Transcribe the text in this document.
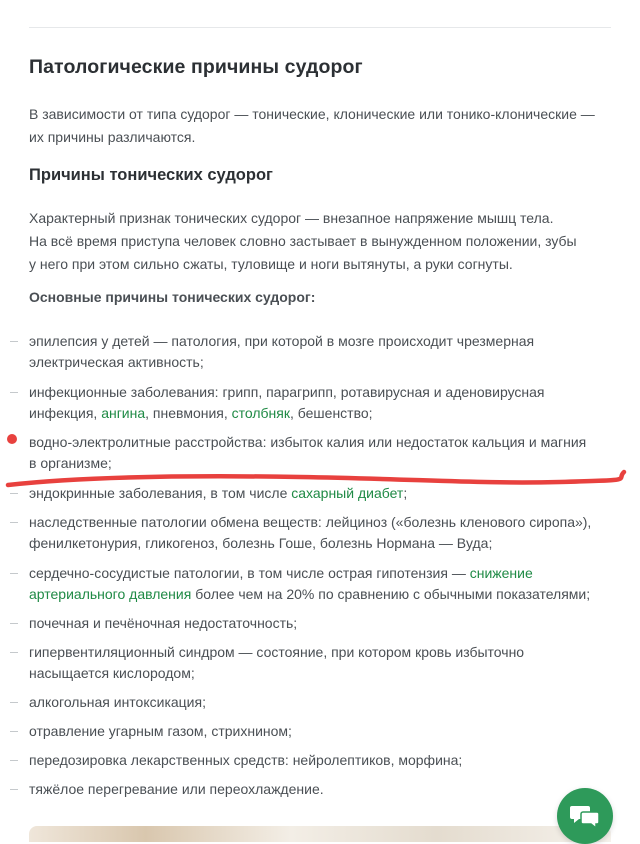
Патологические причины судорог

В зависимости от типа судорог — тонические, клонические или тонико-клонические —
их причины различаются.

Причины тонических судорог

Характерный признак тонических судорог — внезапное напряжение мышц тела.
На всё время приступа человек словно застывает в вынужденном положении, зубы
у него при этом сильно сжаты, туловище и ноги вытянуты, а руки согнуты.

Основные причины тонических судорог:

эпилепсия у детей — патология, при которой в мозге происходит чрезмерная
электрическая активность;
инфекционные заболевания: грипп, парагрипп, ротавирусная и аденовирусная
инфекция, ангина, пневмония, столбняк, бешенство;
водно-электролитные расстройства: избыток калия или недостаток кальция и магния
в организме;
эндокринные заболевания, в том числе сахарный диабет;
наследственные патологии обмена веществ: лейциноз («болезнь кленового сиропа»),
фенилкетонурия, гликогеноз, болезнь Гоше, болезнь Нормана — Вуда;
сердечно-сосудистые патологии, в том числе острая гипотензия — снижение
артериального давления более чем на 20% по сравнению с обычными показателями;
почечная и печёночная недостаточность;
гипервентиляционный синдром — состояние, при котором кровь избыточно
насыщается кислородом;
алкогольная интоксикация;
отравление угарным газом, стрихнином;
передозировка лекарственных средств: нейролептиков, морфина;
тяжёлое перегревание или переохлаждение.
